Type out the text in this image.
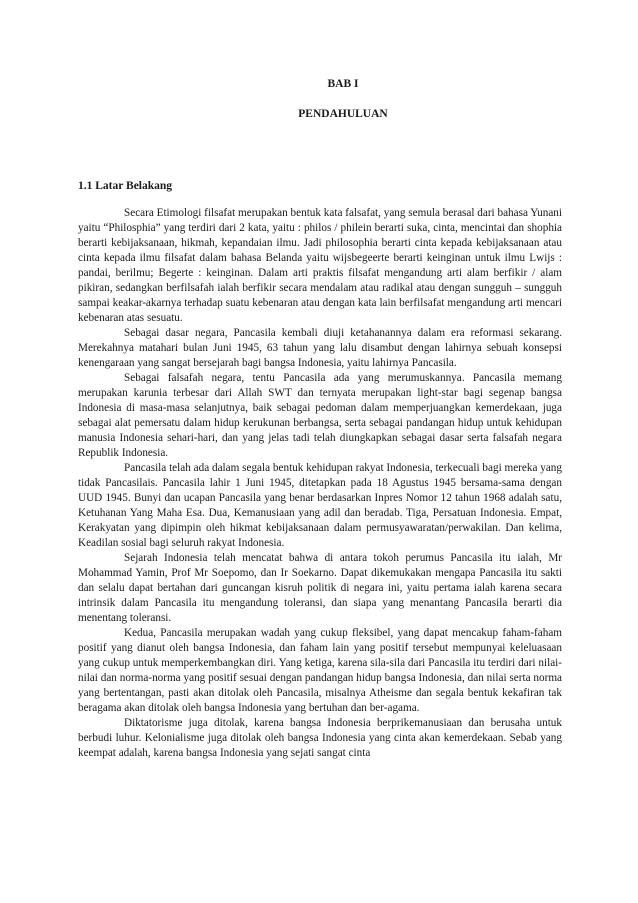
BAB I
PENDAHULUAN
1.1 Latar Belakang

Secara Etimologi filsafat merupakan bentuk kata falsafat, yang semula berasal dari bahasa Yunani yaitu “Philosphia” yang terdiri dari 2 kata, yaitu : philos / philein berarti suka, cinta, mencintai dan shophia berarti kebijaksanaan, hikmah, kepandaian ilmu. Jadi philosophia berarti cinta kepada kebijaksanaan atau cinta kepada ilmu filsafat dalam bahasa Belanda yaitu wijsbegeerte berarti keinginan untuk ilmu Lwijs : pandai, berilmu; Begerte : keinginan. Dalam arti praktis filsafat mengandung arti alam berfikir / alam pikiran, sedangkan berfilsafah ialah berfikir secara mendalam atau radikal atau dengan sungguh – sungguh sampai keakar-akarnya terhadap suatu kebenaran atau dengan kata lain berfilsafat mengandung arti mencari kebenaran atas sesuatu.

Sebagai dasar negara, Pancasila kembali diuji ketahanannya dalam era reformasi sekarang. Merekahnya matahari bulan Juni 1945, 63 tahun yang lalu disambut dengan lahirnya sebuah konsepsi kenengaraan yang sangat bersejarah bagi bangsa Indonesia, yaitu lahirnya Pancasila.

Sebagai falsafah negara, tentu Pancasila ada yang merumuskannya. Pancasila memang merupakan karunia terbesar dari Allah SWT dan ternyata merupakan light-star bagi segenap bangsa Indonesia di masa-masa selanjutnya, baik sebagai pedoman dalam memperjuangkan kemerdekaan, juga sebagai alat pemersatu dalam hidup kerukunan berbangsa, serta sebagai pandangan hidup untuk kehidupan manusia Indonesia sehari-hari, dan yang jelas tadi telah diungkapkan sebagai dasar serta falsafah negara Republik Indonesia.

Pancasila telah ada dalam segala bentuk kehidupan rakyat Indonesia, terkecuali bagi mereka yang tidak Pancasilais. Pancasila lahir 1 Juni 1945, ditetapkan pada 18 Agustus 1945 bersama-sama dengan UUD 1945. Bunyi dan ucapan Pancasila yang benar berdasarkan Inpres Nomor 12 tahun 1968 adalah satu, Ketuhanan Yang Maha Esa. Dua, Kemanusiaan yang adil dan beradab. Tiga, Persatuan Indonesia. Empat, Kerakyatan yang dipimpin oleh hikmat kebijaksanaan dalam permusyawaratan/perwakilan. Dan kelima, Keadilan sosial bagi seluruh rakyat Indonesia.

Sejarah Indonesia telah mencatat bahwa di antara tokoh perumus Pancasila itu ialah, Mr Mohammad Yamin, Prof Mr Soepomo, dan Ir Soekarno. Dapat dikemukakan mengapa Pancasila itu sakti dan selalu dapat bertahan dari guncangan kisruh politik di negara ini, yaitu pertama ialah karena secara intrinsik dalam Pancasila itu mengandung toleransi, dan siapa yang menantang Pancasila berarti dia menentang toleransi.

Kedua, Pancasila merupakan wadah yang cukup fleksibel, yang dapat mencakup faham-faham positif yang dianut oleh bangsa Indonesia, dan faham lain yang positif tersebut mempunyai keleluasaan yang cukup untuk memperkembangkan diri. Yang ketiga, karena sila-sila dari Pancasila itu terdiri dari nilai-nilai dan norma-norma yang positif sesuai dengan pandangan hidup bangsa Indonesia, dan nilai serta norma yang bertentangan, pasti akan ditolak oleh Pancasila, misalnya Atheisme dan segala bentuk kekafiran tak beragama akan ditolak oleh bangsa Indonesia yang bertuhan dan ber-agama.

Diktatorisme juga ditolak, karena bangsa Indonesia berprikemanusiaan dan berusaha untuk berbudi luhur. Kelonialisme juga ditolak oleh bangsa Indonesia yang cinta akan kemerdekaan. Sebab yang keempat adalah, karena bangsa Indonesia yang sejati sangat cinta
